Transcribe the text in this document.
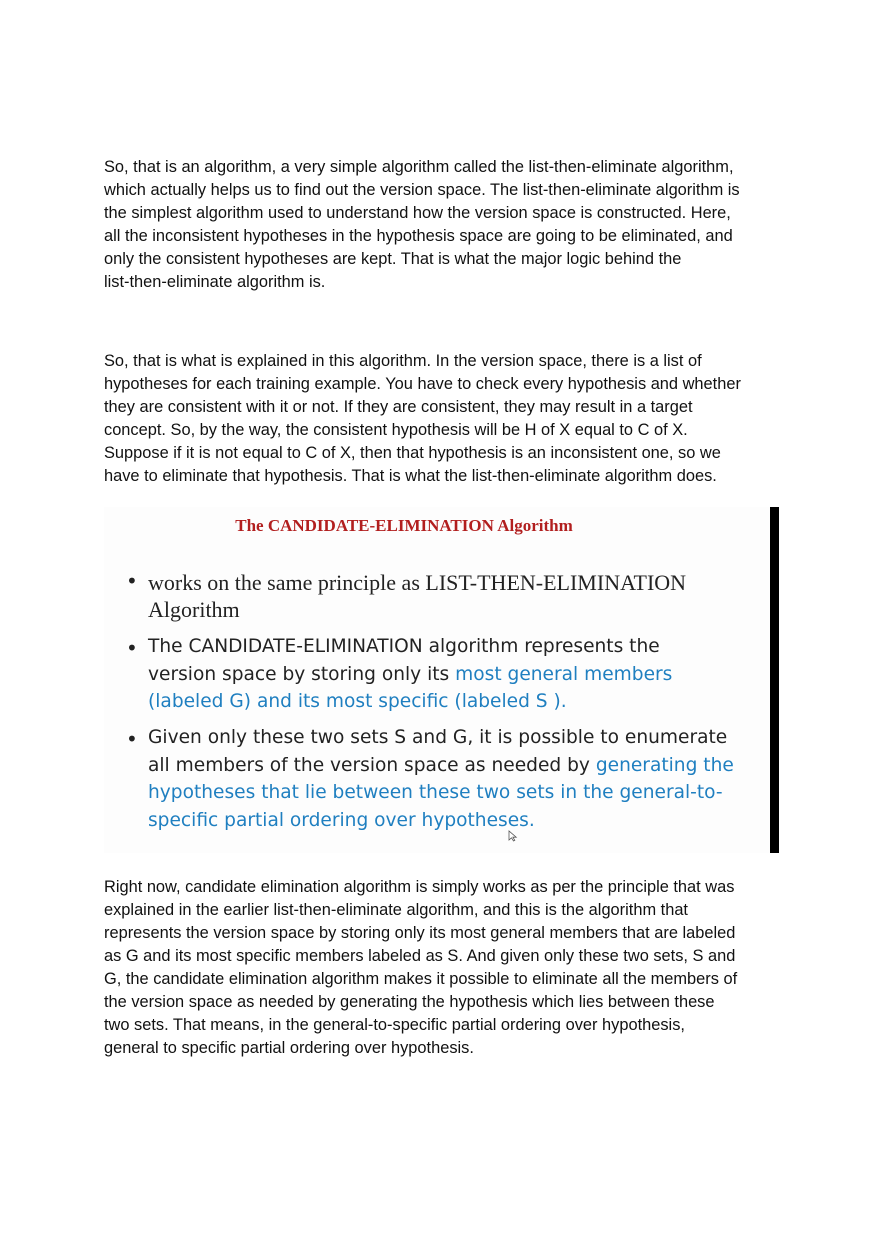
So, that is an algorithm, a very simple algorithm called the list-then-eliminate algorithm,
which actually helps us to find out the version space. The list-then-eliminate algorithm is
the simplest algorithm used to understand how the version space is constructed. Here,
all the inconsistent hypotheses in the hypothesis space are going to be eliminated, and
only the consistent hypotheses are kept. That is what the major logic behind the
list-then-eliminate algorithm is.
So, that is what is explained in this algorithm. In the version space, there is a list of
hypotheses for each training example. You have to check every hypothesis and whether
they are consistent with it or not. If they are consistent, they may result in a target
concept. So, by the way, the consistent hypothesis will be H of X equal to C of X.
Suppose if it is not equal to C of X, then that hypothesis is an inconsistent one, so we
have to eliminate that hypothesis. That is what the list-then-eliminate algorithm does.
The CANDIDATE-ELIMINATION Algorithm
• works on the same principle as LIST-THEN-ELIMINATION
Algorithm
• The CANDIDATE-ELIMINATION algorithm represents the
version space by storing only its most general members
(labeled G) and its most specific (labeled S ).
• Given only these two sets S and G, it is possible to enumerate
all members of the version space as needed by generating the
hypotheses that lie between these two sets in the general-to-
specific partial ordering over hypotheses.
Right now, candidate elimination algorithm is simply works as per the principle that was
explained in the earlier list-then-eliminate algorithm, and this is the algorithm that
represents the version space by storing only its most general members that are labeled
as G and its most specific members labeled as S. And given only these two sets, S and
G, the candidate elimination algorithm makes it possible to eliminate all the members of
the version space as needed by generating the hypothesis which lies between these
two sets. That means, in the general-to-specific partial ordering over hypothesis,
general to specific partial ordering over hypothesis.
